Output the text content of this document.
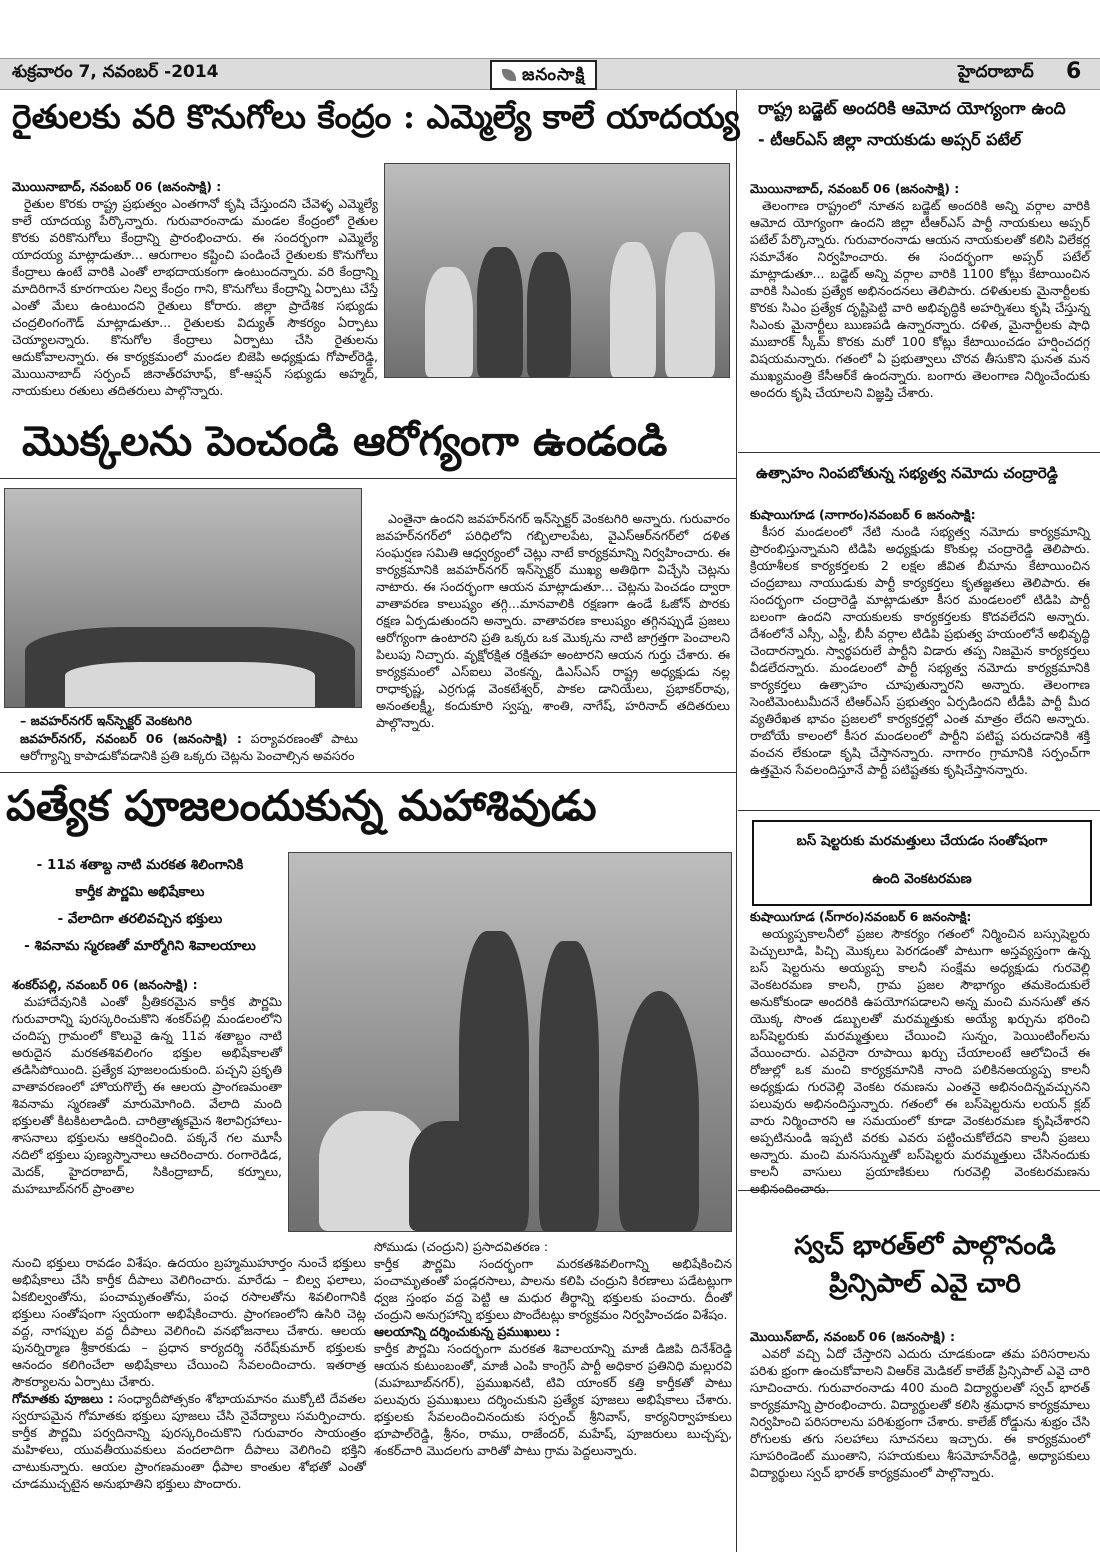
శుక్రవారం 7, నవంబర్ -2014	జనంసాక్షి	హైదరాబాద్ 6
రైతులకు వరి కొనుగోలు కేంద్రం : ఎమ్మెల్యే కాలే యాదయ్య
మొయినాబాద్, నవంబర్ 06 (జనంసాక్షి) :

రైతుల కొరకు రాష్ట్ర ప్రభుత్వం ఎంతగానో కృషి చేస్తుందని చేవెళ్ళ ఎమ్మెల్యే కాలే యాదయ్య పేర్కొన్నారు. గురువారంనాడు మండల కేంద్రంలో రైతుల కొరకు వరికొనుగోలు కేంద్రాన్ని ప్రారంభించారు. ఈ సందర్భంగా ఎమ్మెల్యే యాదయ్య మాట్లాడుతూ... ఆరుగాలం కష్టించి పండించే రైతులకు కొనుగోలు కేంద్రాలు ఉంటే వారికి ఎంతో లాభదాయకంగా ఉంటుందన్నారు. వరి కేంద్రాన్ని మాదిరిగానే కూరగాయల నిల్వ కేంద్రం గాని, కొనుగోలు కేంద్రాన్ని ఏర్పాటు చేస్తే ఎంతో మేలు ఉంటుందని రైతులు కోరారు. జిల్లా ప్రాదేశిక సభ్యుడు చంద్రలింగంగౌడ్ మాట్లాడుతూ... రైతులకు విద్యుత్ సౌకర్యం ఏర్పాటు చెయ్యాలన్నారు. కొనుగోల కేంద్రాలు ఏర్పాటు చేసి రైతులను ఆదుకోవాలన్నారు. ఈ కార్యక్రమంలో మండల బిజెపి అధ్యక్షుడు గోపాల్‌రెడ్డి, మొయినాబాద్ సర్పంచ్ జినాత్‌రహూఫ్, కో-ఆప్షన్ సభ్యుడు అహ్మద్, నాయకులు రతులు తదితరులు పాల్గొన్నారు.

మొక్కలను పెంచండి ఆరోగ్యంగా ఉండండి
– జవహర్‌నగర్ ఇన్‌స్పెక్టర్ వెంకటగిరి
జవహర్‌నగర్, నవంబర్ 06 (జనంసాక్షి) : పర్యావరణంతో పాటు ఆరోగ్యాన్ని కాపాడుకోవడానికి ప్రతి ఒక్కరు చెట్లను పెంచాల్సిన అవసరం

ఎంతైనా ఉందని జవహర్‌నగర్ ఇన్‌స్పెక్టర్ వెంకటగిరి అన్నారు. గురువారం జవహర్‌నగర్‌లో పరిధిలోని గబ్బిలాలపేట, వైఎస్‌ఆర్‌నగర్‌లో దళిత సంఘర్షణ సమితి ఆధ్వర్యంలో చెట్లు నాటే కార్యక్రమాన్ని నిర్వహించారు. ఈ కార్యక్రమానికి జవహర్‌నగర్ ఇన్‌స్పెక్టర్ ముఖ్య అతిథిగా విచ్చేసి చెట్లను నాటారు. ఈ సందర్భంగా ఆయన మాట్లాడుతూ... చెట్లను పెంచడం ద్వారా వాతావరణ కాలుష్యం తగ్గి...మానవాలికి రక్షణగా ఉండే ఓజోన్ పొరకు రక్షణ ఏర్పడుతుందని అన్నారు. వాతావరణ కాలుష్యం తగ్గినప్పుడే ప్రజలు ఆరోగ్యంగా ఉంటారని ప్రతి ఒక్కరు ఒక మొక్కను నాటి జాగ్రత్తగా పెంచాలని పిలుపు నిచ్చారు. వృక్షోరక్షిత రక్షితహ అంటారని ఆయన గుర్తు చేశారు. ఈ కార్యక్రమంలో ఎస్‌ఐలు వెంకన్న, డిఎస్‌ఎస్ రాష్ట్ర అధ్యక్షుడు నల్ల రాధాకృష్ణ, ఎర్రగుడ్ల వెంకటేశ్వర్, పాకల డానియేలు, ప్రభాకర్‌రావు, అనంతలక్ష్మీ, కందుకూరి స్వప్న, శాంతి, నాగేష్, హరినాద్ తదితరులు పాల్గొన్నారు.

పత్యేక పూజలందుకున్న మహాశివుడు
- 11వ శతాబ్ద నాటి మరకత శిలింగానికి
కార్తీక పౌర్ణమి అభిషేకాలు
- వేలాదిగా తరలివచ్చిన భక్తులు
- శివనామ స్మరణతో మార్మోగిని శివాలయాలు
శంకర్‌పల్లి, నవంబర్ 06 (జనంసాక్షి) :

మహాదేవునికి ఎంతో ప్రీతికరమైన కార్తీక పౌర్ణమి గురువారాన్ని పురస్కరించుకొని శంకర్‌పల్లి మండలంలోని చందిప్ప గ్రామంలో కొలువై ఉన్న 11వ శతాబ్దం నాటి అరుదైన మరకతశివలింగం భక్తుల అభిషేకాలతో తడిసిపోయింది. ప్రత్యేక పూజలందుకుంది. పచ్చని ప్రకృతి వాతావరణంలో హొయగొల్పే ఈ ఆలయ ప్రాంగణమంతా శివనామ స్మరణతో మారుమోగింది. వేలాది మంది భక్తులతో కిటకిటలాడింది. చారిత్రాత్మకమైన శిలావిగ్రహాలు-శాసనాలు భక్తులను ఆకర్షించింది. పక్కనే గల మూసీ నదిలో భక్తులు పుణ్యస్నానాలు ఆచరించారు. రంగారెడిడ, మెదక్, హైదరాబాద్, సికింద్రాబాద్, కర్నూలు, మహబూబ్‌నగర్ ప్రాంతాల

నుంచి భక్తులు రావడం విశేషం. ఉదయం బ్రహ్మముహూర్తం నుంచే భక్తులు అభిషేకాలు చేసి కార్తీక దీపాలు వెలిగించారు. మారేడు – బిల్వ ఫలాలు, ఏకబిల్వంతోను, పంచామృతంతోను, పంఛ రసాలతోను శివలింగానికి భక్తులు సంతోషంగా స్వయంగా అభిషేకించారు. ప్రాంగణంలోని ఉసిరి చెట్ల వద్ద, నాగప్పుల వద్ద దీపాలు వెలిగించి వనభోజనాలు చేశారు. ఆలయ పునర్నిర్మాణ శ్రీకారకుడు – ప్రధాన కార్యదర్శి నరేష్‌కుమార్ భక్తులకు ఆనందం కలిగించేలా అభిషేకాలు చేయించి సేవలందించారు. ఇతరాత్ర సౌకర్యాలను ఏర్పాటు చేశారు.
గోమాతకు పూజలు : సంధ్యాదీపోత్సకం శోభాయమానం ముక్కోటి దేవతల స్వరూపమైన గోమాతకు భక్తులు పూజలు చేసి నైవేద్యాలు సమర్పించారు. కార్తీక పౌర్ణమి పర్వదినాన్ని పురస్కరించుకొని గురువారం సాయంత్రం మహిళలు, యువతీయువకులు వందలాదిగా దీపాలు వెలిగించి భక్తిని చాటుకున్నారు. ఆయల ప్రాంగణమంతా ధీపాల కాంతుల శోభతో ఎంతో చూడముచ్చటైన అనుభూతిని భక్తులు పొందారు.
సోముడు (చంద్రుని) ప్రసాదవితరణ :
కార్తీక పౌర్ణమి సందర్భంగా మరకతశివలింగాన్ని అభిషేకించిన పంచామృతంతో పండ్లరసాలు, పాలను కలిపి చంద్రుని కిరణాలు పడేటట్లుగా ధ్వజ స్తంభం వద్ద పెట్టి ఆ మధుర తీర్థాన్ని భక్తులకు పంచారు. దీంతో చంద్రుని అనుగ్రహాన్ని భక్తులు పొందేటట్లు కార్యక్రమం నిర్వహించడం విశేషం.
ఆలయాన్ని దర్శించుకున్న ప్రముఖులు :
కార్తీక పౌర్ణమి సందర్భంగా మరకత శివాలయాన్ని మాజీ డిజిపి దినేశ్‌రెడ్డి ఆయన కుటుంబంతో, మాజీ ఎంపి కాంగ్రెస్ పార్టీ అధికార ప్రతినిధి మల్లురవి (మహబూబ్‌నగర్), ప్రముఖనటి, టివి యాంకర్ కత్తి కార్తీకతో పాటు పలువురు ప్రముఖులు దర్శించుకుని ప్రత్యేక పూజలు అభిషేకాలు చేశారు. భక్తులకు సేవలందించినందుకు సర్పంచ్ శ్రీనివాస్, కార్యనిర్వాహకులు భూపాల్‌రెడ్డి, శ్రీనం, రాము, రాజేందర్, మహేష్, పూజరులు బుచ్చప్ప, శంకర్‌చారి మొదలగు వారితో పాటు గ్రామ పెద్దలున్నారు.
రాష్ట్ర బడ్జెట్ అందరికి ఆమోద యోగ్యంగా ఉంది
- టీఆర్‌ఎస్ జిల్లా నాయకుడు అప్సర్ పటేల్
మొయినాబాద్, నవంబర్ 06 (జనంసాక్షి) :

తెలంగాణ రాష్ట్రంలో నూతన బడ్జెట్ అందరికి అన్ని వర్గాల వారికి ఆమోద యోగ్యంగా ఉందని జిల్లా టీఆర్‌ఎస్ పార్టీ నాయకులు అప్సర్ పటేల్ పేర్కొన్నారు. గురువారంనాడు ఆయన నాయకులతో కలిసి విలేకర్ల సమావేశం నిర్వహించారు. ఈ సందర్భంగా అప్సర్ పటేల్ మాట్లాడుతూ... బడ్జెట్ అన్ని వర్గాల వారికి 1100 కోట్లు కేటాయించిన వారికి సిఎంకు ప్రత్యేక అభినందనలు తెలిపారు. దళితులకు మైనార్టీలకు కొరకు సిఎం ప్రత్యేక దృష్టిపెట్టి వారి అభివృద్ధికి అహర్నిశలు కృషి చేస్తున్న సిఎంకు మైనార్టీలు ఋణపడి ఉన్నారన్నారు. దళిత, మైనార్టీలకు షాధి ముబారక్ స్కీమ్ కొరకు మరో 100 కోట్లు కేటాయించడం హర్షించదగ్గ విషయమన్నారు. గతంలో ఏ ప్రభుత్వాలు చొరవ తీసుకొని ఘనత మన ముఖ్యమంత్రి కేసీఆర్‌కే ఉందన్నారు. బంగారు తెలంగాణ నిర్మించేందుకు అందరు కృషి చేయాలని విజ్ఞప్తి చేశారు.

ఉత్సాహం నింపబోతున్న సభ్యత్వ నమోదు చంద్రారెడ్డి
కుషాయిగూడ (నాగారం)నవంబర్ 6 జనంసాక్షి:

కీసర మండలంలో నేటి నుండి సభ్యత్వ నమోదు కార్యక్రమాన్ని ప్రారంభిస్తున్నామని టిడిపి అధ్యక్షుడు కొంకుల్ల చంద్రారెడ్డి తెలిపారు. క్రియాశీలక కార్యకర్తలకు 2 లక్షల జీవిత బీమాను కేటాయించిన చంద్రబాబు నాయుడుకు పార్టీ కార్యకర్తలు కృతజ్ఞతలు తెలిపారు. ఈ సందర్భంగా చంద్రారెడ్డి మాట్లాడుతూ కీసర మండలంలో టిడిపి పార్టీ బలంగా ఉందని నాయకులకు కార్యకర్తలకు కొదవలేదని అన్నారు. దేశంలోనే ఎస్సీ, ఎస్టీ, బీసీ వర్గాల టిడిపి ప్రభుత్వ హయంలోనే అభివృద్ధి చెందారన్నారు. స్వార్థపరులే పార్టీని విడారు తప్ప నిజమైన కార్యకర్తలు వీడలేదన్నారు. మండలంలో పార్టీ సభ్యత్వ నమోదు కార్యక్రమానికి కార్యకర్తలు ఉత్సాహం చూపుతున్నారని అన్నారు. తెలంగాణ సెంటిమెంటుమీదనే టిఆర్‌ఎస్ ప్రభుత్వం ఏర్పడిందని టీడీపి పార్టీ మీద వ్యతిరేఖత భావం ప్రజలలో కార్యకర్తల్లో ఎంత మాత్రం లేదని అన్నారు. రాబోయే కాలంలో కీసర మండలంలో పార్టీని పటిష్ట పరుచడానికి శక్తి వంచన లేకుండా కృషి చేస్తానన్నారు. నాగారం గ్రామానికి సర్పంచ్‌గా ఉత్తమైన సేవలందిస్తూనే పార్టీ పటిష్టతకు కృషిచేస్తానన్నారు.

బస్ షెల్టరుకు మరమత్తులు చేయడం సంతోషంగా
ఉంది వెంకటరమణ
కుషాయిగూడ (న్‌గారం)నవంబర్ 6 జనంసాక్షి:

అయ్యప్పకాలనీలో ప్రజల సౌకర్యం గతంలో నిర్మించిన బస్సుషెల్టరు పెచ్చులూడి, పిచ్చి మొక్కలు పెరగడంతో పాటుగా అస్తవ్యస్తంగా ఉన్న బస్ షెల్టరును అయ్యప్ప కాలనీ సంక్షేమ అధ్యక్షుడు గురవెల్లి వెంకటరమణ కాలనీ, గ్రామ ప్రజల సౌభాగ్యం తమకెందుకులే అనుకోకుండా అందరికి ఉపయోగపడాలని అన్న మంచి మనసుతో తన యొక్క సొంత డబ్బులతో మరమ్మత్తుకు అయ్యే ఖర్చును భరించి బస్‌షెల్టరుకు మరమ్మత్తులు చేయించి సున్నం, పెయింటింగ్‌లను వేయించారు. ఎవరైనా రూపాయి ఖర్చు చేయాలంటే ఆలోచించే ఈ రోజుల్లో ఒక మంచి కార్యక్రమానికి నాంది పలికినఅయ్యప్ప కాలనీ అధ్యక్షుడు గురవెల్లి వెంకట రమణను ఎంతనై అభినందిన్నవచ్చునని పలువురు అభినందిస్తున్నారు. గతంలో ఈ బస్‌షెల్టరును లయన్ క్లబ్ వారు నిర్మించారని ఆ సమయంలో కూడా వెంకటరమణ కృషిచేశారని అప్పటినుండి ఇప్పటి వరకు ఎవరు పట్టించుకోలేదని కాలనీ ప్రజలు అన్నారు. మంచి మనసున్నుతో బస్‌షెల్టరు మరమ్మత్తులు చేసినందుకు కాలనీ వాసులు ప్రయాణికులు గురవెల్లి వెంకటరమణను అభినందించారు.

స్వచ్ భారత్‌లో పాల్గొనండి
ప్రిన్సిపాల్ ఎవై చారి
మొయిన్‌బాద్, నవంబర్ 06 (జనంసాక్షి) :

ఎవరో వచ్చి ఏదో చేస్తారని ఎదురు చూడకుండా తమ పరిసరాలను పరిశు భ్రంగా ఉంచుకోవాలని విఆర్‌కె మెడికల్ కాలేజ్ ప్రిన్సిపాల్ ఎవై చారి సూచించారు. గురువారంనాడు 400 మంది విద్యార్థులతో స్వచ్ భారత్ కార్యక్రమాన్ని ప్రారంభించారు. విద్యార్థులతో కలిసి శ్రమధాన కార్యక్రమాలు నిర్వహించి పరిసరాలను పరిశుభ్రంగా చేశారు. కాలేజ్ రోడ్డును శుభ్రం చేసి రోగులకు తగు సలహాలు సూచనలు ఇచ్చారు. ఈ కార్యక్రమంలో సూపరిండెంట్ ముంతాని, సహయకులు శీసమోహన్‌రెడ్డి, అధ్యాపకులు విద్యార్థులు స్వచ్ భారత్ కార్యక్రమంలో పాల్గొన్నారు.
